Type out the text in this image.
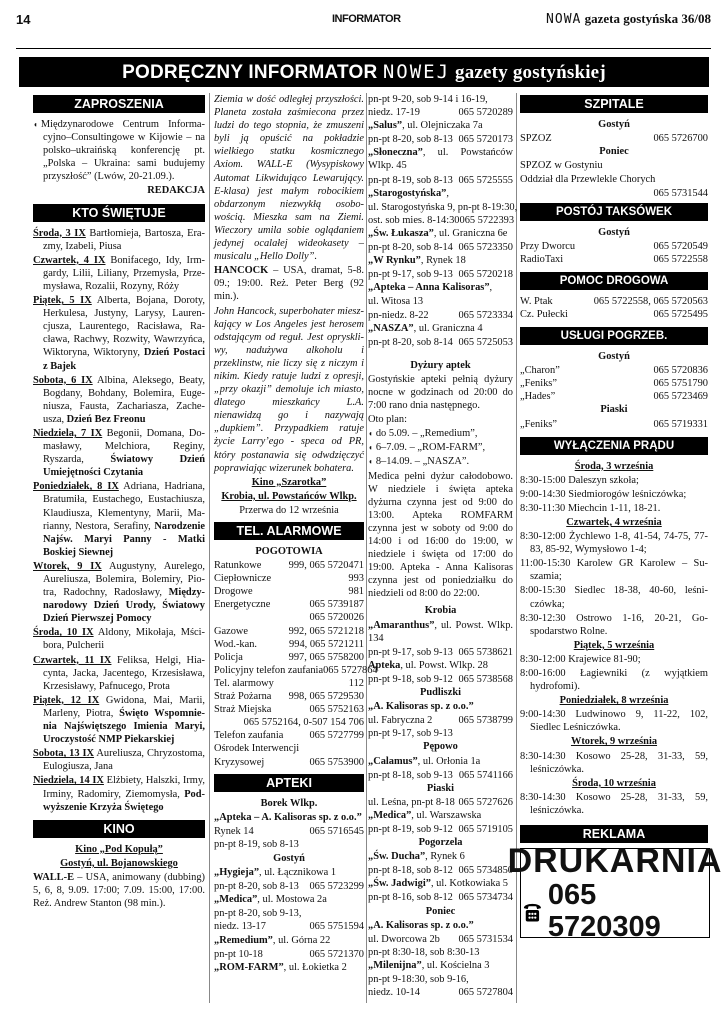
14	INFORMATOR	NOWA gazeta gostyńska 36/08
PODRĘCZNY INFORMATOR NOWEJ gazety gostyńskiej
ZAPROSZENIA

◖ Międzynarodowe Centrum Informacyjno–Consultingowe w Kijowie – na polsko–ukraińską konferencję pt. „Polska – Ukraina: sami budujemy przyszłość” (Lwów, 20-21.09.).

REDAKCJA

KTO ŚWIĘTUJE

Środa, 3 IX Bartłomieja, Bartosza, Erazmy, Izabeli, Piusa

Czwartek, 4 IX Bonifacego, Idy, Irmgardy, Lilii, Liliany, Przemysła, Przemysława, Rozalii, Rozyny, Róży

Piątek, 5 IX Alberta, Bojana, Doroty, Herkulesa, Justyny, Larysy, Laurencjusza, Laurentego, Racisława, Racława, Rachwy, Rozwity, Wawrzyńca, Wiktoryna, Wiktoryny, Dzień Postaci z Bajek

Sobota, 6 IX Albina, Aleksego, Beaty, Bogdany, Bohdany, Bolemira, Eugeniusza, Fausta, Zachariasza, Zacheusza, Dzień Bez Freonu

Niedziela, 7 IX Begonii, Domana, Domasławy, Melchiora, Reginy, Ryszarda, Światowy Dzień Umiejętności Czytania

Poniedziałek, 8 IX Adriana, Hadriana, Bratumiła, Eustachego, Eustachiusza, Klaudiusza, Klementyny, Marii, Marianny, Nestora, Serafiny, Narodzenie Najśw. Maryi Panny - Matki Boskiej Siewnej

Wtorek, 9 IX Augustyny, Aurelego, Aureliusza, Bolemira, Bolemiry, Piotra, Radochny, Radosławy, Międzynarodowy Dzień Urody, Światowy Dzień Pierwszej Pomocy

Środa, 10 IX Aldony, Mikołaja, Mścibora, Pulcherii

Czwartek, 11 IX Feliksa, Helgi, Hiacynta, Jacka, Jacentego, Krzesisława, Krzesisławy, Pafnucego, Prota

Piątek, 12 IX Gwidona, Mai, Marii, Marleny, Piotra, Święto Wspomnienia Najświętszego Imienia Maryi, Uroczystość NMP Piekarskiej

Sobota, 13 IX Aureliusza, Chryzostoma, Eulogiusza, Jana

Niedziela, 14 IX Elżbiety, Halszki, Irmy, Irminy, Radomiry, Ziemomysła, Podwyższenie Krzyża Świętego

KINO

Kino „Pod Kopułą”

Gostyń, ul. Bojanowskiego

WALL-E – USA, animowany (dubbing) 5, 6, 8, 9.09. 17:00; 7.09. 15:00, 17:00. Reż. Andrew Stanton (98 min.).

Ziemia w dość odległej przyszłości. Planeta została zaśmiecona przez ludzi do tego stopnia, że zmuszeni byli ją opuścić na pokładzie wielkiego statku kosmicznego Axiom. WALL-E (Wysypiskowy Automat Likwidująco Lewarujący. E-klasa) jest małym robocikiem obdarzonym niezwykłą osobowością. Mieszka sam na Ziemi. Wieczory umila sobie oglądaniem jedynej ocalałej wideokasety – musicalu „Hello Dolly”.

HANCOCK – USA, dramat, 5-8. 09.; 19:00. Reż. Peter Berg (92 min.).

John Hancock, superbohater mieszkający w Los Angeles jest herosem odstającym od reguł. Jest opryskliwy, nadużywa alkoholu i przeklinstw, nie liczy się z niczym i nikim. Kiedy ratuje ludzi z opresji, „przy okazji” demoluje ich miasto, dlatego mieszkańcy L.A. nienawidzą go i nazywają „dupkiem”. Przypadkiem ratuje życie Larry’ego - speca od PR, który postanawia się odwdzięczyć poprawiając wizerunek bohatera.

Kino „Szarotka”

Krobia, ul. Powstańców Wlkp.

Przerwa do 12 września

TEL. ALARMOWE

POGOTOWIA

Ratunkowe	999, 065 5720471
Ciepłownicze	993
Drogowe	981
Energetyczne	065 5739187
065 5720026
Gazowe	992, 065 5721218
Wod.-kan.	994, 065 5721211
Policja	997, 065 5758200
Policyjny telefon zaufania 065 5727864
Tel. alarmowy	112
Straż Pożarna 998, 065 5729530
Straż Miejska	065 5752163
065 5752164, 0-507 154 706
Telefon zaufania	065 5727799
Ośrodek Interwencji
Kryzysowej	065 5753900
APTEKI

Borek Wlkp.

„Apteka – A. Kalisoras sp. z o.o.”

Rynek 14	065 5716545

pn-pt 8-19, sob 8-13

Gostyń

„Hygieja”, ul. Łącznikowa 1

pn-pt 8-20, sob 8-13 065 5723299

„Medica”, ul. Mostowa 2a

pn-pt 8-20, sob 9-13,
niedz. 13-17	065 5751594

„Remedium”, ul. Górna 22

pn-pt 10-18	065 5721370

„ROM-FARM”, ul. Łokietka 2

pn-pt 9-20, sob 9-14 i 16-19,
niedz. 17-19	065 5720289

„Salus”, ul. Olejniczaka 7a

pn-pt 8-20, sob 8-13 065 5720173

„Słoneczna”, ul. Powstańców Wlkp. 45

pn-pt 8-19, sob 8-13 065 5725555

„Starogostyńska”,

ul. Starogostyńska 9, pn-pt 8-19:30,
ost. sob mies. 8-14:30 065 5722393

„Św. Łukasza”, ul. Graniczna 6e

pn-pt 8-20, sob 8-14 065 5723350

„W Rynku”, Rynek 18

pn-pt 9-17, sob 9-13 065 5720218

„Apteka – Anna Kalisoras”,

ul. Witosa 13
pn-niedz. 8-22	065 5723334

„NASZA”, ul. Graniczna 4

pn-pt 8-20, sob 8-14 065 5725053

Dyżury aptek

Gostyńskie apteki pełnią dyżury nocne w godzinach od 20:00 do 7:00 rano dnia następnego.

Oto plan:

◖ do 5.09. – „Remedium”,

◖ 6–7.09. – „ROM-FARM”,

◖ 8–14.09. – „NASZA”.

Medica pełni dyżur całodobowo. W niedziele i święta apteka dyżurna czynna jest od 9:00 do 13:00. Apteka ROMFARM czynna jest w soboty od 9:00 do 14:00 i od 16:00 do 19:00, w niedziele i święta od 17:00 do 19:00. Apteka - Anna Kalisoras czynna jest od poniedziałku do niedzieli od 8:00 do 22:00.

Krobia

„Amaranthus”, ul. Powst. Wlkp. 134

pn-pt 9-17, sob 9-13 065 5738621

Apteka, ul. Powst. Wlkp. 28

pn-pt 9-18, sob 9-12 065 5738568

Pudliszki

„A. Kalisoras sp. z o.o.”

ul. Fabryczna 2	065 5738799
pn-pt 9-17, sob 9-13

Pępowo

„Calamus”, ul. Orłonia 1a

pn-pt 8-18, sob 9-13 065 5741166

Piaski

ul. Leśna, pn-pt 8-18 065 5727626

„Medica”, ul. Warszawska

pn-pt 8-19, sob 9-12 065 5719105

Pogorzela

„Św. Ducha”, Rynek 6

pn-pt 8-18, sob 8-12 065 5734850

„Św. Jadwigi”, ul. Kotkowiaka 5

pn-pt 8-16, sob 8-12 065 5734734

Poniec

„A. Kalisoras sp. z o.o.”

ul. Dworcowa 2b 065 5731534
pn-pt 8:30-18, sob 8:30-13

„Milenijna”, ul. Kościelna 3

pn-pt 9-18:30, sob 9-16,
niedz. 10-14	065 5727804
SZPITALE

Gostyń

SPZOZ	065 5726700

Poniec

SPZOZ w Gostyniu

Oddział dla Przewlekle Chorych

065 5731544

POSTÓJ TAKSÓWEK

Gostyń

Przy Dworcu	065 5720549
RadioTaxi	065 5722558
POMOC DROGOWA
W. Ptak	065 5722558, 065 5720563
Cz. Pułecki	065 5725495
USŁUGI POGRZEB.

Gostyń

„Charon”	065 5720836
„Feniks”	065 5751790
„Hades”	065 5723469

Piaski

„Feniks”	065 5719331
WYŁĄCZENIA PRĄDU

Środa, 3 września

8:30-15:00 Daleszyn szkoła;

9:00-14:30 Siedmiorogów leśniczówka;

8:30-11:30 Miechcin 1-11, 18-21.

Czwartek, 4 września

8:30-12:00 Żychlewo 1-8, 41-54, 74-75, 77-83, 85-92, Wymysłowo 1-4;

11:00-15:30 Karolew GR Karolew – Suszamia;

8:00-15:30 Siedlec 18-38, 40-60, leśniczówka;

8:30-12:30 Ostrowo 1-16, 20-21, Gospodarstwo Rolne.

Piątek, 5 września

8:30-12:00 Krajewice 81-90;

8:00-16:00 Łagiewniki (z wyjątkiem hydrofomi).

Poniedziałek, 8 września

9:00-14:30 Ludwinowo 9, 11-22, 102, Siedlec Leśniczówka.

Wtorek, 9 września

8:30-14:30 Kosowo 25-28, 31-33, 59, leśniczówka.

Środa, 10 września

8:30-14:30 Kosowo 25-28, 31-33, 59, leśniczówka.

REKLAMA
DRUKARNIA
065 5720309
